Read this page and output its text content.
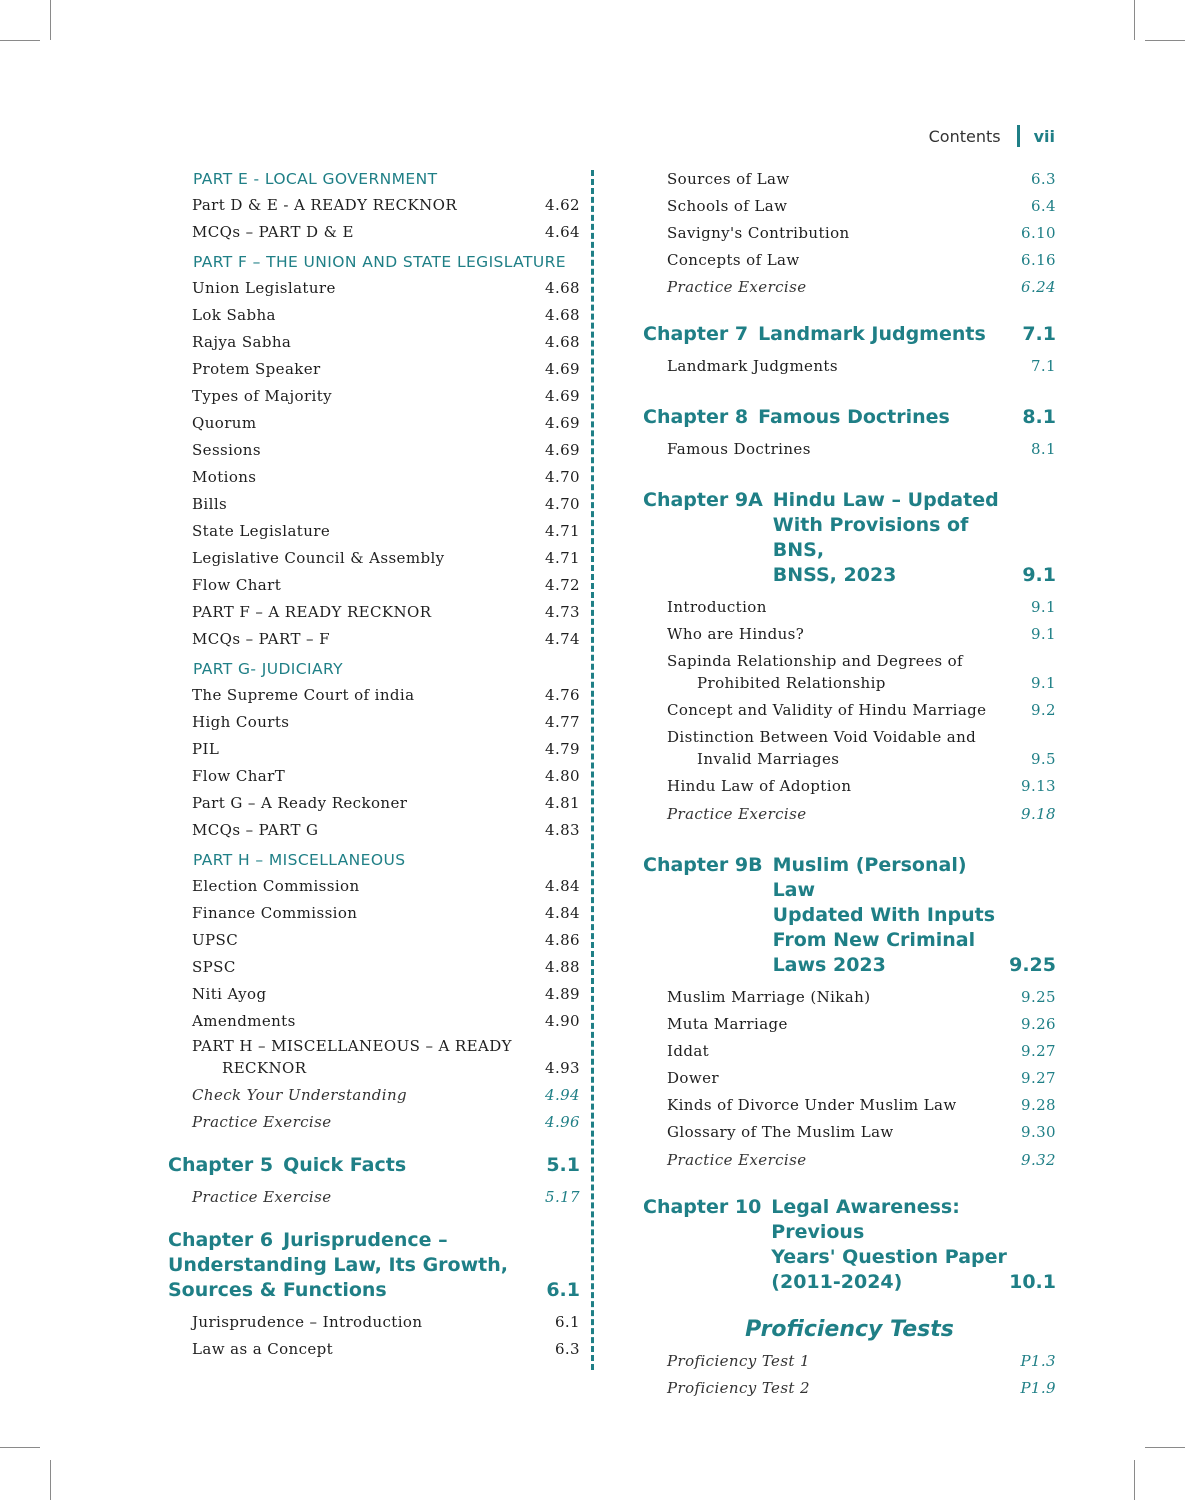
Contents vii
PART E - LOCAL GOVERNMENT
Part D & E - A READY RECKNOR	4.62
MCQs – PART D & E	4.64
PART F – THE UNION AND STATE LEGISLATURE
Union Legislature	4.68
Lok Sabha	4.68
Rajya Sabha	4.68
Protem Speaker	4.69
Types of Majority	4.69
Quorum	4.69
Sessions	4.69
Motions	4.70
Bills	4.70
State Legislature	4.71
Legislative Council & Assembly	4.71
Flow Chart	4.72
PART F – A READY RECKNOR	4.73
MCQs – PART – F	4.74
PART G- JUDICIARY
The Supreme Court of india	4.76
High Courts	4.77
PIL	4.79
Flow CharT	4.80
Part G – A Ready Reckoner	4.81
MCQs – PART G	4.83
PART H – MISCELLANEOUS
Election Commission	4.84
Finance Commission	4.84
UPSC	4.86
SPSC	4.88
Niti Ayog	4.89
Amendments	4.90
PART H – MISCELLANEOUS – A READY
RECKNOR	4.93
Check Your Understanding	4.94
Practice Exercise	4.96
Chapter 5 Quick Facts	5.1
Practice Exercise	5.17
Chapter 6 Jurisprudence –
Understanding Law, Its Growth,
Sources & Functions	6.1
Jurisprudence – Introduction	6.1
Law as a Concept	6.3
Sources of Law	6.3
Schools of Law	6.4
Savigny's Contribution	6.10
Concepts of Law	6.16
Practice Exercise	6.24
Chapter 7 Landmark Judgments 7.1
Landmark Judgments	7.1
Chapter 8 Famous Doctrines	8.1
Famous Doctrines	8.1
Chapter 9A Hindu Law – Updated
With Provisions of BNS,
BNSS, 2023	9.1
Introduction	9.1
Who are Hindus?	9.1
Sapinda Relationship and Degrees of
Prohibited Relationship	9.1
Concept and Validity of Hindu Marriage	9.2
Distinction Between Void Voidable and
Invalid Marriages	9.5
Hindu Law of Adoption	9.13
Practice Exercise	9.18
Chapter 9B Muslim (Personal) Law
Updated With Inputs
From New Criminal
Laws 2023	9.25
Muslim Marriage (Nikah)	9.25
Muta Marriage	9.26
Iddat	9.27
Dower	9.27
Kinds of Divorce Under Muslim Law	9.28
Glossary of The Muslim Law	9.30
Practice Exercise	9.32
Chapter 10 Legal Awareness: Previous
Years' Question Paper
(2011-2024)	10.1
Proficiency Tests
Proficiency Test 1	P1.3
Proficiency Test 2	P1.9
